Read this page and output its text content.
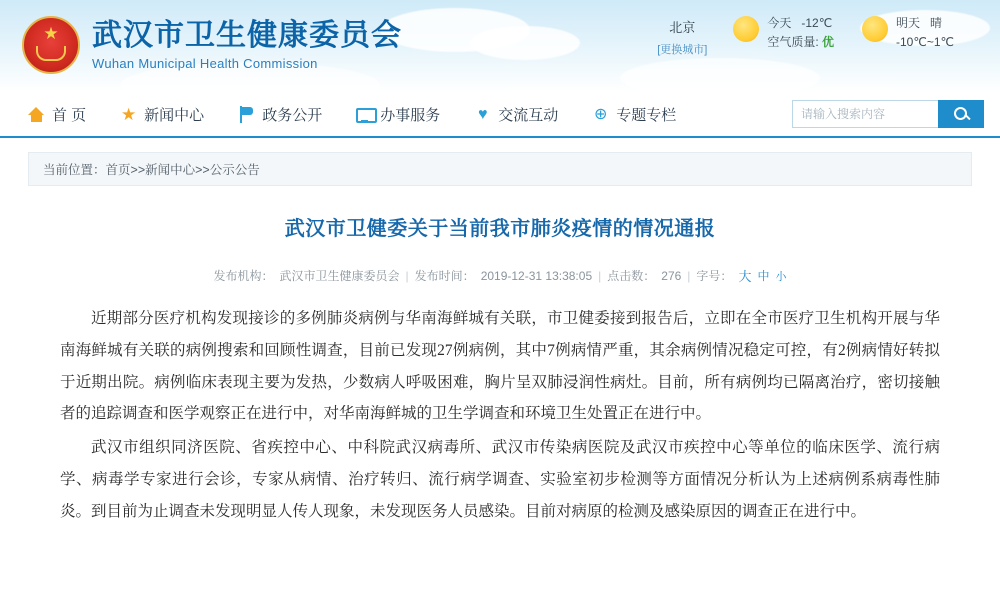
★
武汉市卫生健康委员会
Wuhan Municipal Health Commission
北京
[更换城市]
今天 -12℃
空气质量: 优
明天 晴
-10℃~1℃
首 页 ★ 新闻中心	政务公开	办事服务 ♥ 交流互动 ⊕ 专题专栏
请输入搜索内容
当前位置： 首页>>新闻中心>>公示公告
武汉市卫健委关于当前我市肺炎疫情的情况通报
发布机构： 武汉市卫生健康委员会 | 发布时间： 2019-12-31 13:38:05 | 点击数： 276 | 字号： 大 中 小

近期部分医疗机构发现接诊的多例肺炎病例与华南海鲜城有关联，市卫健委接到报告后，立即在全市医疗卫生机构开展与华南海鲜城有关联的病例搜索和回顾性调查，目前已发现27例病例，其中7例病情严重，其余病例情况稳定可控，有2例病情好转拟于近期出院。病例临床表现主要为发热，少数病人呼吸困难，胸片呈双肺浸润性病灶。目前，所有病例均已隔离治疗，密切接触者的追踪调查和医学观察正在进行中，对华南海鲜城的卫生学调查和环境卫生处置正在进行中。

武汉市组织同济医院、省疾控中心、中科院武汉病毒所、武汉市传染病医院及武汉市疾控中心等单位的临床医学、流行病学、病毒学专家进行会诊，专家从病情、治疗转归、流行病学调查、实验室初步检测等方面情况分析认为上述病例系病毒性肺炎。到目前为止调查未发现明显人传人现象，未发现医务人员感染。目前对病原的检测及感染原因的调查正在进行中。
